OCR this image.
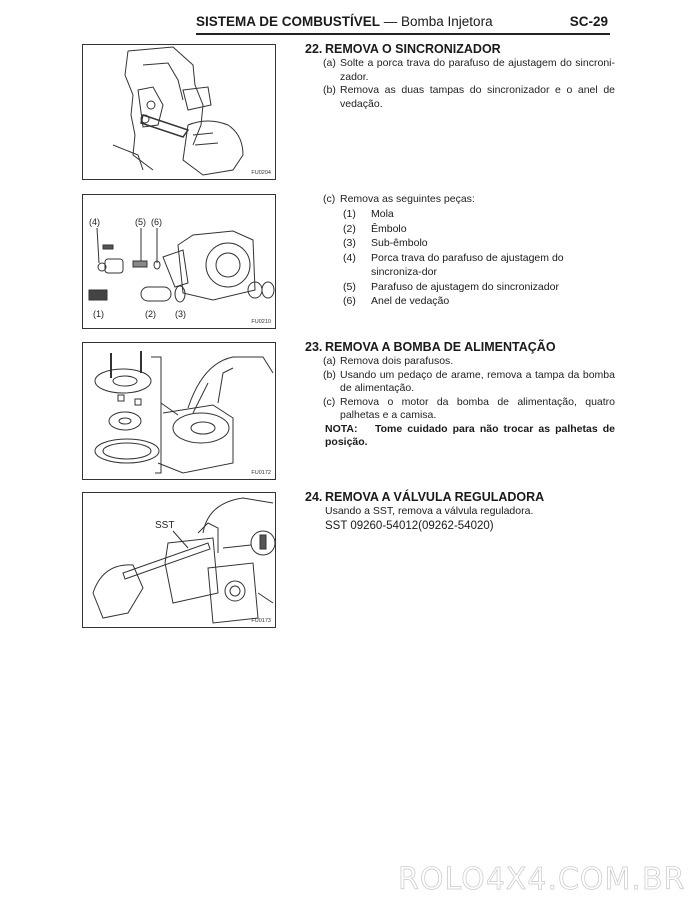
SISTEMA DE COMBUSTÍVEL — Bomba Injetora	SC-29
FU0204
(4)	(5) (6)
(1)	(2) (3)
FU0210
FU0172
SST
FU0173
22. REMOVA O SINCRONIZADOR
(a) Solte a porca trava do parafuso de ajustagem do sincroni-zador.
(b) Remova as duas tampas do sincronizador e o anel de vedação.
(c) Remova as seguintes peças:
(1)	Mola
(2)	Êmbolo
(3)	Sub-êmbolo
(4)	Porca trava do parafuso de ajustagem do sincroniza-dor
(5)	Parafuso de ajustagem do sincronizador
(6)	Anel de vedação
23. REMOVA A BOMBA DE ALIMENTAÇÃO
(a) Remova dois parafusos.
(b) Usando um pedaço de arame, remova a tampa da bomba de alimentação.
(c) Remova o motor da bomba de alimentação, quatro palhetas e a camisa.
NOTA: Tome cuidado para não trocar as palhetas de posição.
24. REMOVA A VÁLVULA REGULADORA
Usando a SST, remova a válvula reguladora.
SST 09260-54012(09262-54020)
ROLO4X4.COM.BR
